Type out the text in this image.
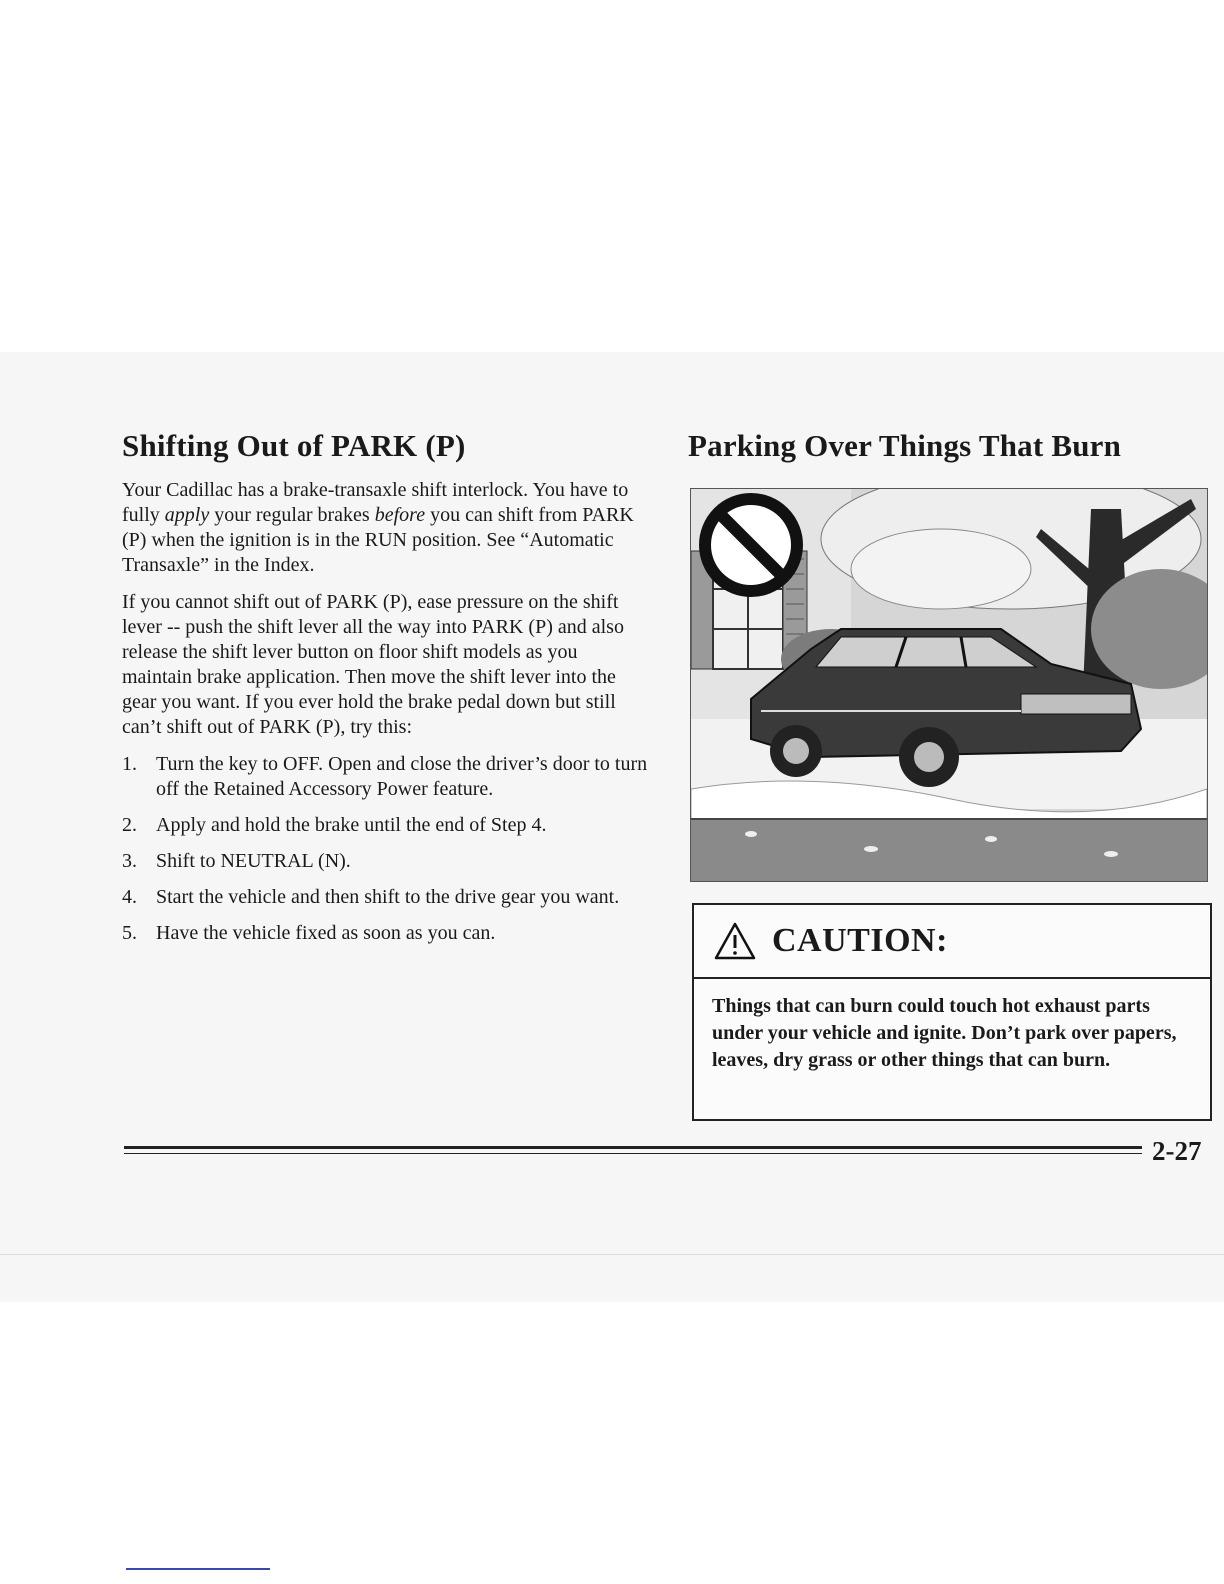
Shifting Out of PARK (P)

Your Cadillac has a brake-transaxle shift interlock. You have to fully apply your regular brakes before you can shift from PARK (P) when the ignition is in the RUN position. See “Automatic Transaxle” in the Index.

If you cannot shift out of PARK (P), ease pressure on the shift lever -- push the shift lever all the way into PARK (P) and also release the shift lever button on floor shift models as you maintain brake application. Then move the shift lever into the gear you want. If you ever hold the brake pedal down but still can’t shift out of PARK (P), try this:

1. Turn the key to OFF. Open and close the driver’s door to turn off the Retained Accessory Power feature.
2. Apply and hold the brake until the end of Step 4.
3. Shift to NEUTRAL (N).
4. Start the vehicle and then shift to the drive gear you want.
5. Have the vehicle fixed as soon as you can.
Parking Over Things That Burn
CAUTION:
Things that can burn could touch hot exhaust parts under your vehicle and ignite. Don’t park over papers, leaves, dry grass or other things that can burn.
2-27
